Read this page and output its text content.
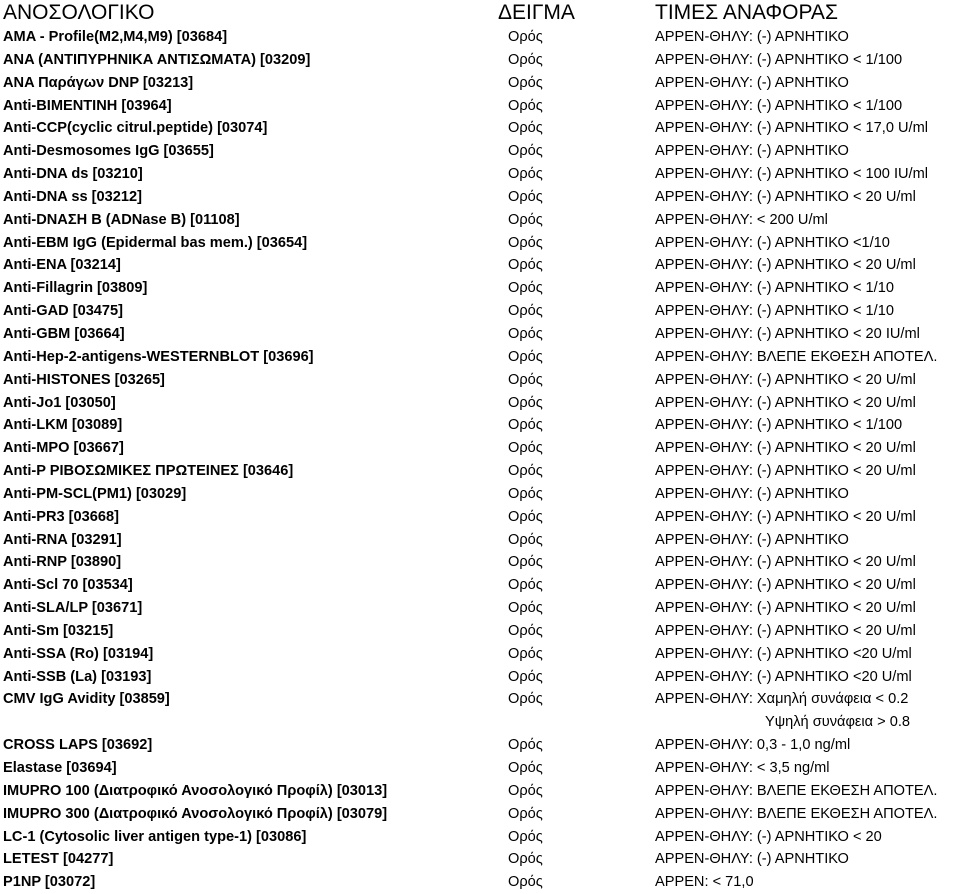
ΑΝΟΣΟΛΟΓΙΚΟ	ΔΕΙΓΜΑ	ΤΙΜΕΣ ΑΝΑΦΟΡΑΣ
AMA - Profile(M2,M4,M9) [03684]	Ορός	ΑΡΡΕΝ-ΘΗΛΥ: (-) ΑΡΝΗΤΙΚΟ
ANA (ΑΝΤΙΠΥΡΗΝΙΚΑ ΑΝΤΙΣΩΜΑΤΑ) [03209]	Ορός	ΑΡΡΕΝ-ΘΗΛΥ: (-) ΑΡΝΗΤΙΚΟ < 1/100
ANA Παράγων DNP [03213]	Ορός	ΑΡΡΕΝ-ΘΗΛΥ: (-) ΑΡΝΗΤΙΚΟ
Anti-ΒΙΜΕΝΤΙΝΗ [03964]	Ορός	ΑΡΡΕΝ-ΘΗΛΥ: (-) ΑΡΝΗΤΙΚΟ < 1/100
Anti-CCP(cyclic citrul.peptide) [03074]	Ορός	ΑΡΡΕΝ-ΘΗΛΥ: (-) ΑΡΝΗΤΙΚΟ < 17,0 U/ml
Anti-Desmosomes IgG [03655]	Ορός	ΑΡΡΕΝ-ΘΗΛΥ: (-) ΑΡΝΗΤΙΚΟ
Anti-DNA ds [03210]	Ορός	ΑΡΡΕΝ-ΘΗΛΥ: (-) ΑΡΝΗΤΙΚΟ < 100 IU/ml
Anti-DNA ss [03212]	Ορός	ΑΡΡΕΝ-ΘΗΛΥ: (-) ΑΡΝΗΤΙΚΟ < 20 U/ml
Anti-DNAΣΗ B (ADNase B) [01108]	Ορός	ΑΡΡΕΝ-ΘΗΛΥ: < 200 U/ml
Anti-EBM IgG (Epidermal bas mem.) [03654]	Ορός	ΑΡΡΕΝ-ΘΗΛΥ: (-) ΑΡΝΗΤΙΚΟ <1/10
Anti-ENA [03214]	Ορός	ΑΡΡΕΝ-ΘΗΛΥ: (-) ΑΡΝΗΤΙΚΟ < 20 U/ml
Anti-Fillagrin [03809]	Ορός	ΑΡΡΕΝ-ΘΗΛΥ: (-) ΑΡΝΗΤΙΚΟ < 1/10
Anti-GAD [03475]	Ορός	ΑΡΡΕΝ-ΘΗΛΥ: (-) ΑΡΝΗΤΙΚΟ < 1/10
Anti-GBM [03664]	Ορός	ΑΡΡΕΝ-ΘΗΛΥ: (-) ΑΡΝΗΤΙΚΟ < 20 IU/ml
Anti-Hep-2-antigens-WESTERNBLOT [03696]	Ορός	ΑΡΡΕΝ-ΘΗΛΥ: ΒΛΕΠΕ ΕΚΘΕΣΗ ΑΠΟΤΕΛ.
Anti-HISTONES [03265]	Ορός	ΑΡΡΕΝ-ΘΗΛΥ: (-) ΑΡΝΗΤΙΚΟ < 20 U/ml
Anti-Jo1 [03050]	Ορός	ΑΡΡΕΝ-ΘΗΛΥ: (-) ΑΡΝΗΤΙΚΟ < 20 U/ml
Anti-LKM [03089]	Ορός	ΑΡΡΕΝ-ΘΗΛΥ: (-) ΑΡΝΗΤΙΚΟ < 1/100
Anti-MPO [03667]	Ορός	ΑΡΡΕΝ-ΘΗΛΥ: (-) ΑΡΝΗΤΙΚΟ < 20 U/ml
Anti-P ΡΙΒΟΣΩΜΙΚΕΣ ΠΡΩΤΕΙΝΕΣ [03646]	Ορός	ΑΡΡΕΝ-ΘΗΛΥ: (-) ΑΡΝΗΤΙΚΟ < 20 U/ml
Anti-PM-SCL(PM1) [03029]	Ορός	ΑΡΡΕΝ-ΘΗΛΥ: (-) ΑΡΝΗΤΙΚΟ
Anti-PR3 [03668]	Ορός	ΑΡΡΕΝ-ΘΗΛΥ: (-) ΑΡΝΗΤΙΚΟ < 20 U/ml
Anti-RNA [03291]	Ορός	ΑΡΡΕΝ-ΘΗΛΥ: (-) ΑΡΝΗΤΙΚΟ
Anti-RNP [03890]	Ορός	ΑΡΡΕΝ-ΘΗΛΥ: (-) ΑΡΝΗΤΙΚΟ < 20 U/ml
Anti-Scl 70 [03534]	Ορός	ΑΡΡΕΝ-ΘΗΛΥ: (-) ΑΡΝΗΤΙΚΟ < 20 U/ml
Anti-SLA/LP [03671]	Ορός	ΑΡΡΕΝ-ΘΗΛΥ: (-) ΑΡΝΗΤΙΚΟ < 20 U/ml
Anti-Sm [03215]	Ορός	ΑΡΡΕΝ-ΘΗΛΥ: (-) ΑΡΝΗΤΙΚΟ < 20 U/ml
Anti-SSA (Ro) [03194]	Ορός	ΑΡΡΕΝ-ΘΗΛΥ: (-) ΑΡΝΗΤΙΚΟ <20 U/ml
Anti-SSB (La) [03193]	Ορός	ΑΡΡΕΝ-ΘΗΛΥ: (-) ΑΡΝΗΤΙΚΟ <20 U/ml
CMV IgG Avidity [03859]	Ορός	ΑΡΡΕΝ-ΘΗΛΥ: Χαμηλή συνάφεια < 0.2
Υψηλή συνάφεια > 0.8
CROSS LAPS [03692]	Ορός	ΑΡΡΕΝ-ΘΗΛΥ: 0,3 - 1,0 ng/ml
Elastase [03694]	Ορός	ΑΡΡΕΝ-ΘΗΛΥ: < 3,5 ng/ml
IMUPRO 100 (Διατροφικό Ανοσολογικό Προφίλ) [03013]	Ορός	ΑΡΡΕΝ-ΘΗΛΥ: ΒΛΕΠΕ ΕΚΘΕΣΗ ΑΠΟΤΕΛ.
IMUPRO 300 (Διατροφικό Ανοσολογικό Προφίλ) [03079]	Ορός	ΑΡΡΕΝ-ΘΗΛΥ: ΒΛΕΠΕ ΕΚΘΕΣΗ ΑΠΟΤΕΛ.
LC-1 (Cytosolic liver antigen type-1) [03086]	Ορός	ΑΡΡΕΝ-ΘΗΛΥ: (-) ΑΡΝΗΤΙΚΟ < 20
LETEST [04277]	Ορός	ΑΡΡΕΝ-ΘΗΛΥ: (-) ΑΡΝΗΤΙΚΟ
P1NP [03072]	Ορός	ΑΡΡΕΝ: < 71,0
